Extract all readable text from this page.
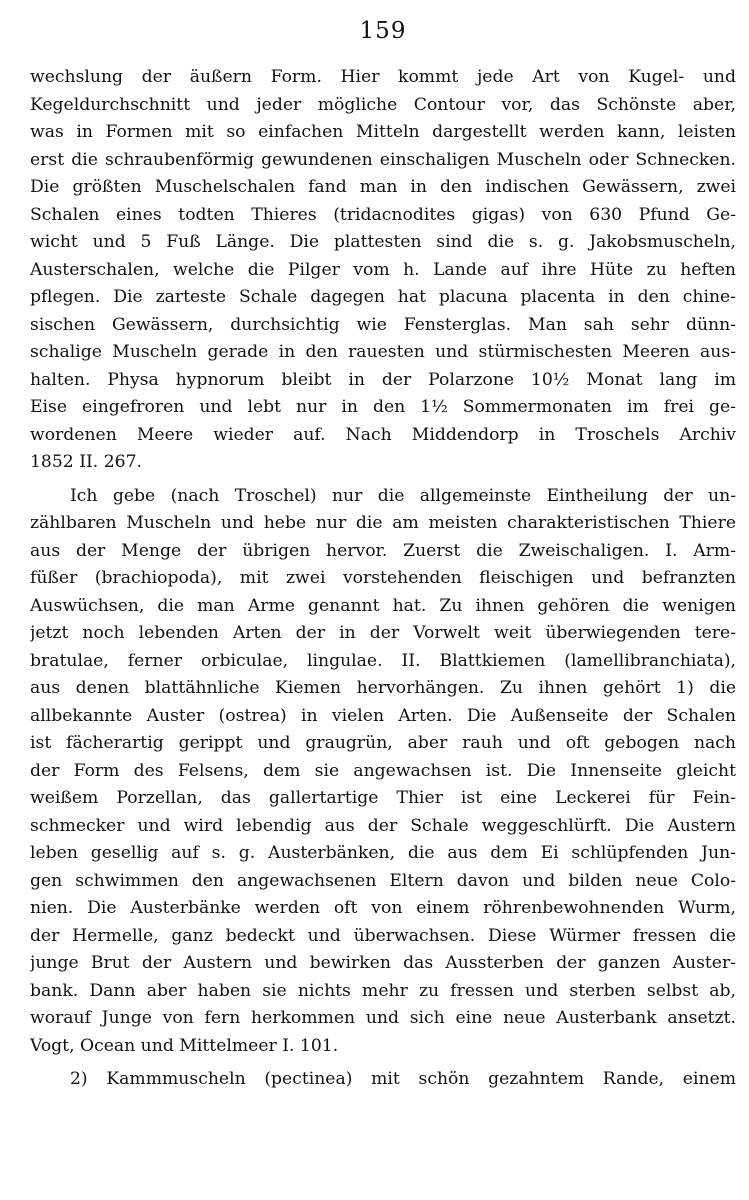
159
wechslung der äußern Form. Hier kommt jede Art von Kugel- und
Kegeldurchschnitt und jeder mögliche Contour vor, das Schönste aber,
was in Formen mit so einfachen Mitteln dargestellt werden kann, leisten
erst die schraubenförmig gewundenen einschaligen Muscheln oder Schnecken.
Die größten Muschelschalen fand man in den indischen Gewässern, zwei
Schalen eines todten Thieres (tridacnodites gigas) von 630 Pfund Ge-
wicht und 5 Fuß Länge. Die plattesten sind die s. g. Jakobsmuscheln,
Austerschalen, welche die Pilger vom h. Lande auf ihre Hüte zu heften
pflegen. Die zarteste Schale dagegen hat placuna placenta in den chine-
sischen Gewässern, durchsichtig wie Fensterglas. Man sah sehr dünn-
schalige Muscheln gerade in den rauesten und stürmischesten Meeren aus-
halten. Physa hypnorum bleibt in der Polarzone 10½ Monat lang im
Eise eingefroren und lebt nur in den 1½ Sommermonaten im frei ge-
wordenen Meere wieder auf. Nach Middendorp in Troschels Archiv
1852 II. 267.
Ich gebe (nach Troschel) nur die allgemeinste Eintheilung der un-
zählbaren Muscheln und hebe nur die am meisten charakteristischen Thiere
aus der Menge der übrigen hervor. Zuerst die Zweischaligen. I. Arm-
füßer (brachiopoda), mit zwei vorstehenden fleischigen und befranzten
Auswüchsen, die man Arme genannt hat. Zu ihnen gehören die wenigen
jetzt noch lebenden Arten der in der Vorwelt weit überwiegenden tere-
bratulae, ferner orbiculae, lingulae. II. Blattkiemen (lamellibranchiata),
aus denen blattähnliche Kiemen hervorhängen. Zu ihnen gehört 1) die
allbekannte Auster (ostrea) in vielen Arten. Die Außenseite der Schalen
ist fächerartig gerippt und graugrün, aber rauh und oft gebogen nach
der Form des Felsens, dem sie angewachsen ist. Die Innenseite gleicht
weißem Porzellan, das gallertartige Thier ist eine Leckerei für Fein-
schmecker und wird lebendig aus der Schale weggeschlürft. Die Austern
leben gesellig auf s. g. Austerbänken, die aus dem Ei schlüpfenden Jun-
gen schwimmen den angewachsenen Eltern davon und bilden neue Colo-
nien. Die Austerbänke werden oft von einem röhrenbewohnenden Wurm,
der Hermelle, ganz bedeckt und überwachsen. Diese Würmer fressen die
junge Brut der Austern und bewirken das Aussterben der ganzen Auster-
bank. Dann aber haben sie nichts mehr zu fressen und sterben selbst ab,
worauf Junge von fern herkommen und sich eine neue Austerbank ansetzt.
Vogt, Ocean und Mittelmeer I. 101.
2) Kammmuscheln (pectinea) mit schön gezahntem Rande, einem
